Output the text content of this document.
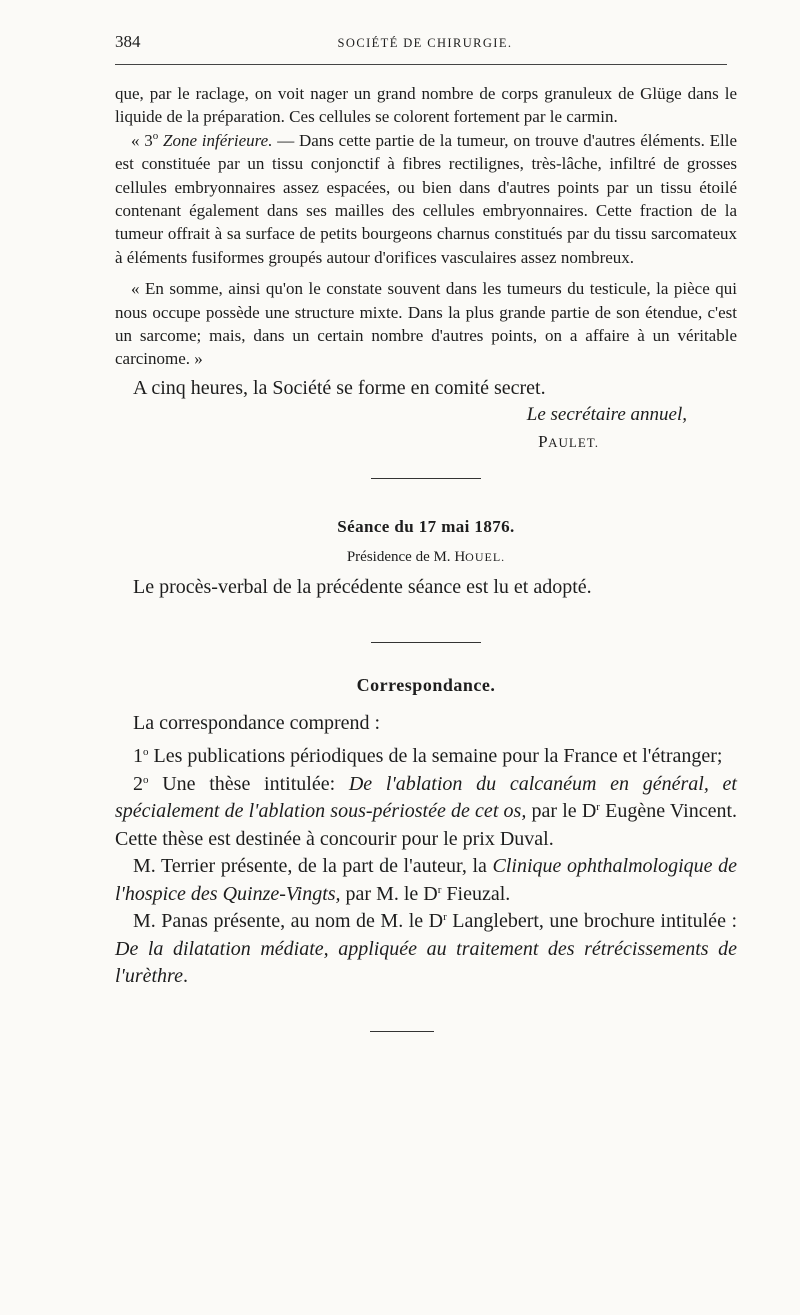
384	SOCIÉTÉ DE CHIRURGIE.

que, par le raclage, on voit nager un grand nombre de corps granuleux de Glüge dans le liquide de la préparation. Ces cellules se colorent fortement par le carmin.

« 3$^o$ Zone inférieure. — Dans cette partie de la tumeur, on trouve d'autres éléments. Elle est constituée par un tissu conjonctif à fibres rectilignes, très-lâche, infiltré de grosses cellules embryonnaires assez espacées, ou bien dans d'autres points par un tissu étoilé contenant également dans ses mailles des cellules embryonnaires. Cette fraction de la tumeur offrait à sa surface de petits bourgeons charnus constitués par du tissu sarcomateux à éléments fusiformes groupés autour d'orifices vasculaires assez nombreux.

« En somme, ainsi qu'on le constate souvent dans les tumeurs du testicule, la pièce qui nous occupe possède une structure mixte. Dans la plus grande partie de son étendue, c'est un sarcome; mais, dans un certain nombre d'autres points, on a affaire à un véritable carcinome. »

A cinq heures, la Société se forme en comité secret.

Le secrétaire annuel,

PAULET.

Séance du 17 mai 1876.

Présidence de M. HOUEL.

Le procès-verbal de la précédente séance est lu et adopté.

Correspondance.

La correspondance comprend :

1$^o$ Les publications périodiques de la semaine pour la France et l'étranger;

2$^o$ Une thèse intitulée: De l'ablation du calcanéum en général, et spécialement de l'ablation sous-périostée de cet os, par le $D^r$ Eugène Vincent. Cette thèse est destinée à concourir pour le prix Duval.

M. Terrier présente, de la part de l'auteur, la Clinique ophthalmologique de l'hospice des Quinze-Vingts, par M. le $D^r$ Fieuzal.

M. Panas présente, au nom de M. le $D^r$ Langlebert, une brochure intitulée : De la dilatation médiate, appliquée au traitement des rétrécissements de l'urèthre.
